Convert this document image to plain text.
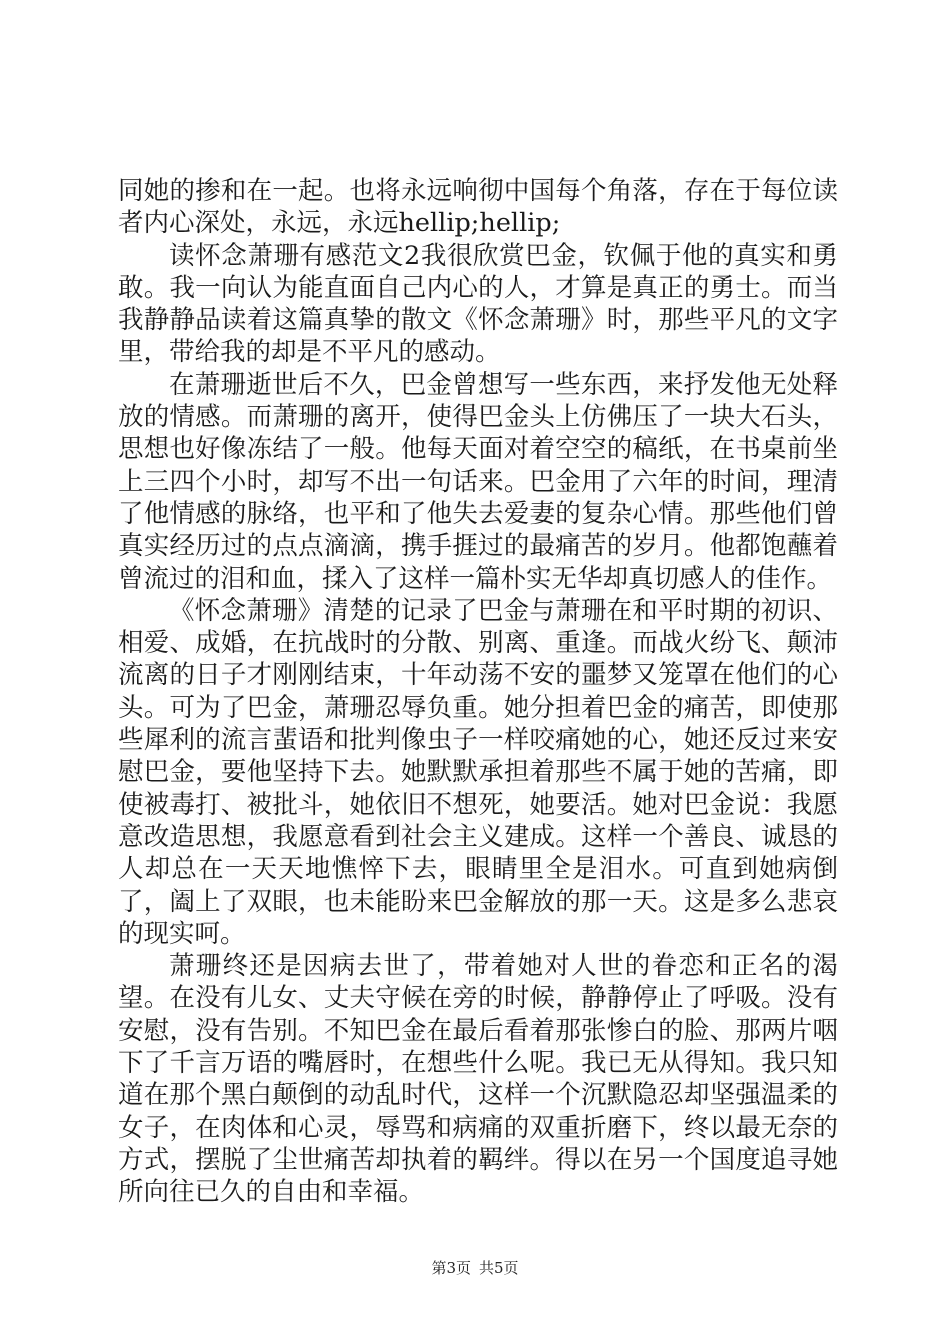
同她的掺和在一起。也将永远响彻中国每个角落，存在于每位读者内心深处，永远，永远hellip;hellip;

读怀念萧珊有感范文2我很欣赏巴金，钦佩于他的真实和勇敢。我一向认为能直面自己内心的人，才算是真正的勇士。而当我静静品读着这篇真挚的散文《怀念萧珊》时，那些平凡的文字里，带给我的却是不平凡的感动。

在萧珊逝世后不久，巴金曾想写一些东西，来抒发他无处释放的情感。而萧珊的离开，使得巴金头上仿佛压了一块大石头，思想也好像冻结了一般。他每天面对着空空的稿纸，在书桌前坐上三四个小时，却写不出一句话来。巴金用了六年的时间，理清了他情感的脉络，也平和了他失去爱妻的复杂心情。那些他们曾真实经历过的点点滴滴，携手捱过的最痛苦的岁月。他都饱蘸着曾流过的泪和血，揉入了这样一篇朴实无华却真切感人的佳作。

《怀念萧珊》清楚的记录了巴金与萧珊在和平时期的初识、相爱、成婚，在抗战时的分散、别离、重逢。而战火纷飞、颠沛流离的日子才刚刚结束，十年动荡不安的噩梦又笼罩在他们的心头。可为了巴金，萧珊忍辱负重。她分担着巴金的痛苦，即使那些犀利的流言蜚语和批判像虫子一样咬痛她的心，她还反过来安慰巴金，要他坚持下去。她默默承担着那些不属于她的苦痛，即使被毒打、被批斗，她依旧不想死，她要活。她对巴金说：我愿意改造思想，我愿意看到社会主义建成。这样一个善良、诚恳的人却总在一天天地憔悴下去，眼睛里全是泪水。可直到她病倒了，阖上了双眼，也未能盼来巴金解放的那一天。这是多么悲哀的现实呵。

萧珊终还是因病去世了，带着她对人世的眷恋和正名的渴望。在没有儿女、丈夫守候在旁的时候，静静停止了呼吸。没有安慰，没有告别。不知巴金在最后看着那张惨白的脸、那两片咽下了千言万语的嘴唇时，在想些什么呢。我已无从得知。我只知道在那个黑白颠倒的动乱时代，这样一个沉默隐忍却坚强温柔的女子，在肉体和心灵，辱骂和病痛的双重折磨下，终以最无奈的方式，摆脱了尘世痛苦却执着的羁绊。得以在另一个国度追寻她所向往已久的自由和幸福。

第3页 共5页
